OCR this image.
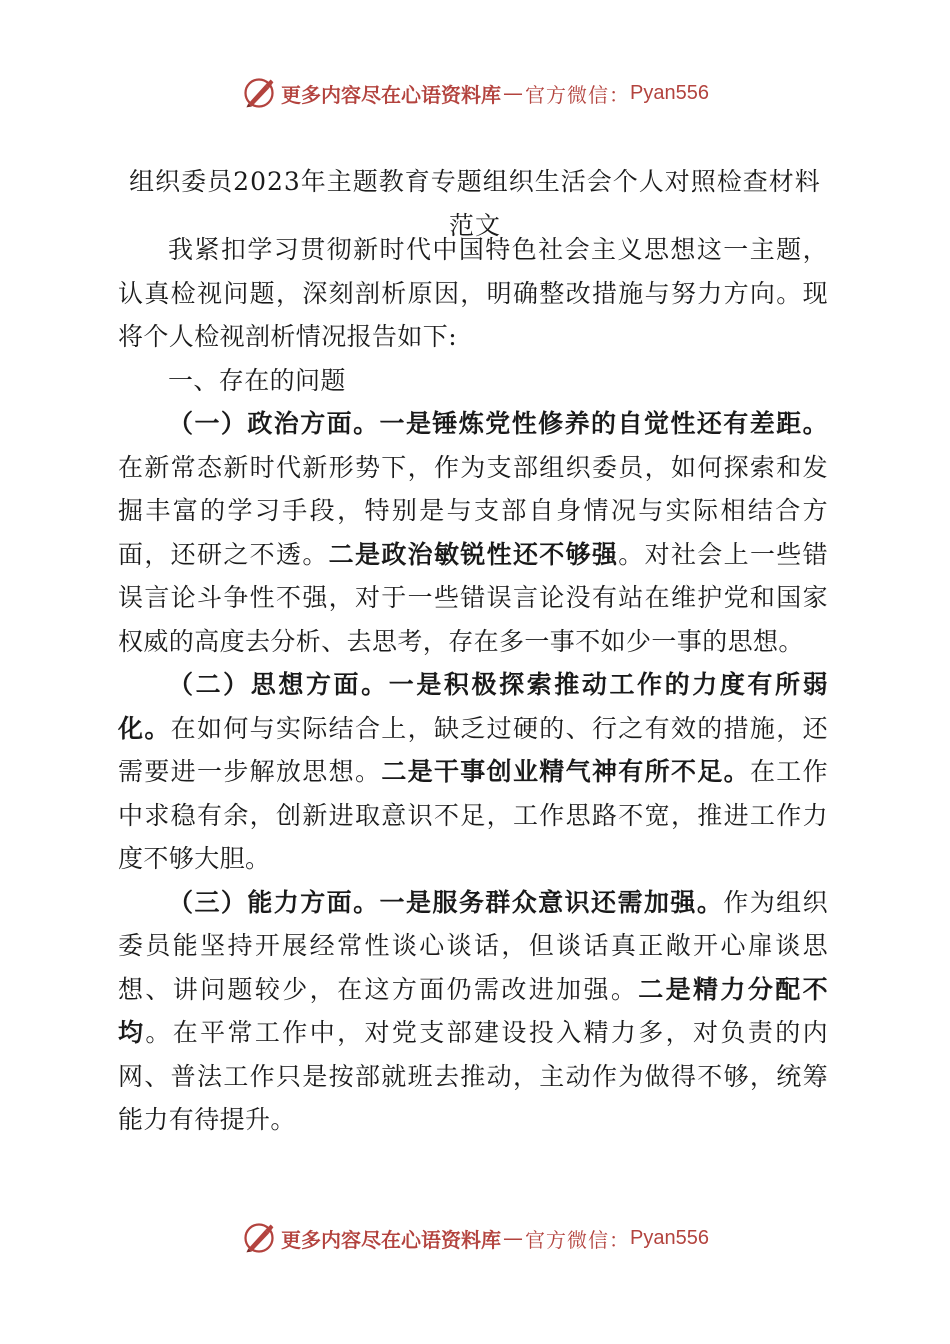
更多内容尽在心语资料库 — 官方微信： Pyan556
组织委员2023年主题教育专题组织生活会个人对照检查材料范文

我紧扣学习贯彻新时代中国特色社会主义思想这一主题，认真检视问题，深刻剖析原因，明确整改措施与努力方向。现将个人检视剖析情况报告如下:

一、存在的问题

（一）政治方面。一是锤炼党性修养的自觉性还有差距。在新常态新时代新形势下，作为支部组织委员，如何探索和发掘丰富的学习手段，特别是与支部自身情况与实际相结合方面，还研之不透。二是政治敏锐性还不够强。对社会上一些错误言论斗争性不强，对于一些错误言论没有站在维护党和国家权威的高度去分析、去思考，存在多一事不如少一事的思想。

（二）思想方面。一是积极探索推动工作的力度有所弱化。在如何与实际结合上，缺乏过硬的、行之有效的措施，还需要进一步解放思想。二是干事创业精气神有所不足。在工作中求稳有余，创新进取意识不足，工作思路不宽，推进工作力度不够大胆。

（三）能力方面。一是服务群众意识还需加强。作为组织委员能坚持开展经常性谈心谈话，但谈话真正敞开心扉谈思想、讲问题较少，在这方面仍需改进加强。二是精力分配不均。在平常工作中，对党支部建设投入精力多，对负责的内网、普法工作只是按部就班去推动，主动作为做得不够，统筹能力有待提升。

更多内容尽在心语资料库 — 官方微信： Pyan556
